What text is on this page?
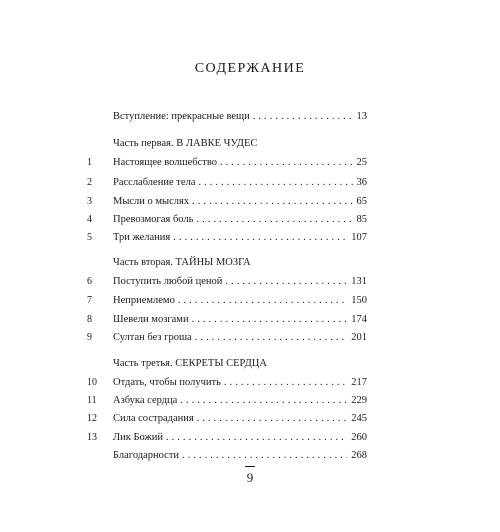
СОДЕРЖАНИЕ
Вступление: прекрасные вещи . . .	13
Часть первая. В ЛАВКЕ ЧУДЕС
1	Настоящее волшебство . . .	25
2	Расслабление тела . . .	36
3	Мысли о мыслях . . .	65
4	Превозмогая боль . . .	85
5	Три желания . . .	107
Часть вторая. ТАЙНЫ МОЗГА
6	Поступить любой ценой . . .	131
7	Неприемлемо . . .	150
8	Шевели мозгами . . .	174
9	Султан без гроша . . .	201
Часть третья. СЕКРЕТЫ СЕРДЦА
10	Отдать, чтобы получить . . .	217
11	Азбука сердца . . .	229
12	Сила сострадания . . .	245
13	Лик Божий . . .	260
Благодарности . . .	268
9
